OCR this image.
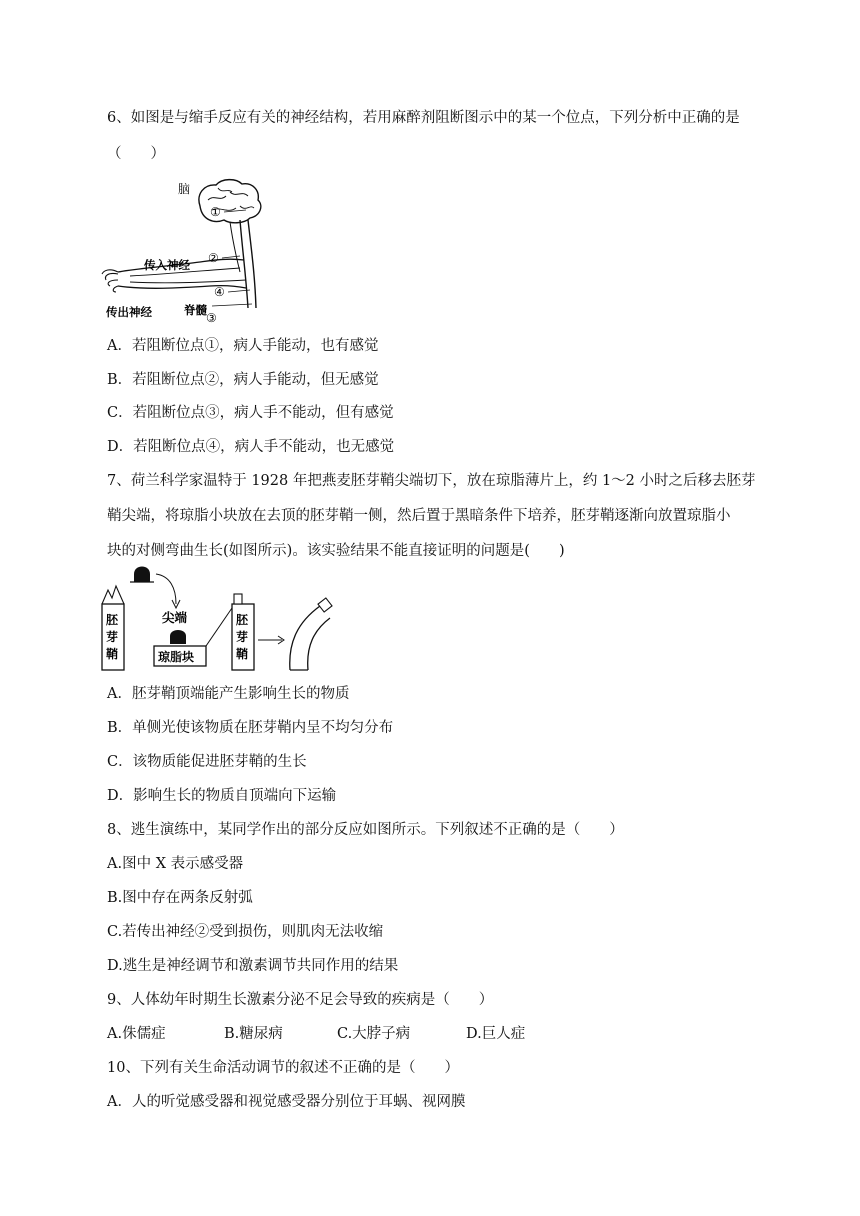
6、如图是与缩手反应有关的神经结构，若用麻醉剂阻断图示中的某一个位点，下列分析中正确的是
（　　）
脑
①
②
传入神经
④
脊髓
传出神经	③
A．若阻断位点①，病人手能动，也有感觉
B．若阻断位点②，病人手能动，但无感觉
C．若阻断位点③，病人手不能动，但有感觉
D．若阻断位点④，病人手不能动，也无感觉
7、荷兰科学家温特于 1928 年把燕麦胚芽鞘尖端切下，放在琼脂薄片上，约 1～2 小时之后移去胚芽
鞘尖端，将琼脂小块放在去顶的胚芽鞘一侧，然后置于黑暗条件下培养，胚芽鞘逐渐向放置琼脂小
块的对侧弯曲生长(如图所示)。该实验结果不能直接证明的问题是(　　)
胚
芽
鞘
尖端
琼脂块
胚
芽
鞘
A．胚芽鞘顶端能产生影响生长的物质
B．单侧光使该物质在胚芽鞘内呈不均匀分布
C．该物质能促进胚芽鞘的生长
D．影响生长的物质自顶端向下运输
8、逃生演练中，某同学作出的部分反应如图所示。下列叙述不正确的是（　　）
A.图中 X 表示感受器
B.图中存在两条反射弧
C.若传出神经②受到损伤，则肌肉无法收缩
D.逃生是神经调节和激素调节共同作用的结果
9、人体幼年时期生长激素分泌不足会导致的疾病是（　　）
A.侏儒症	B.糖尿病	C.大脖子病	D.巨人症
10、下列有关生命活动调节的叙述不正确的是（　　）
A．人的听觉感受器和视觉感受器分别位于耳蜗、视网膜
